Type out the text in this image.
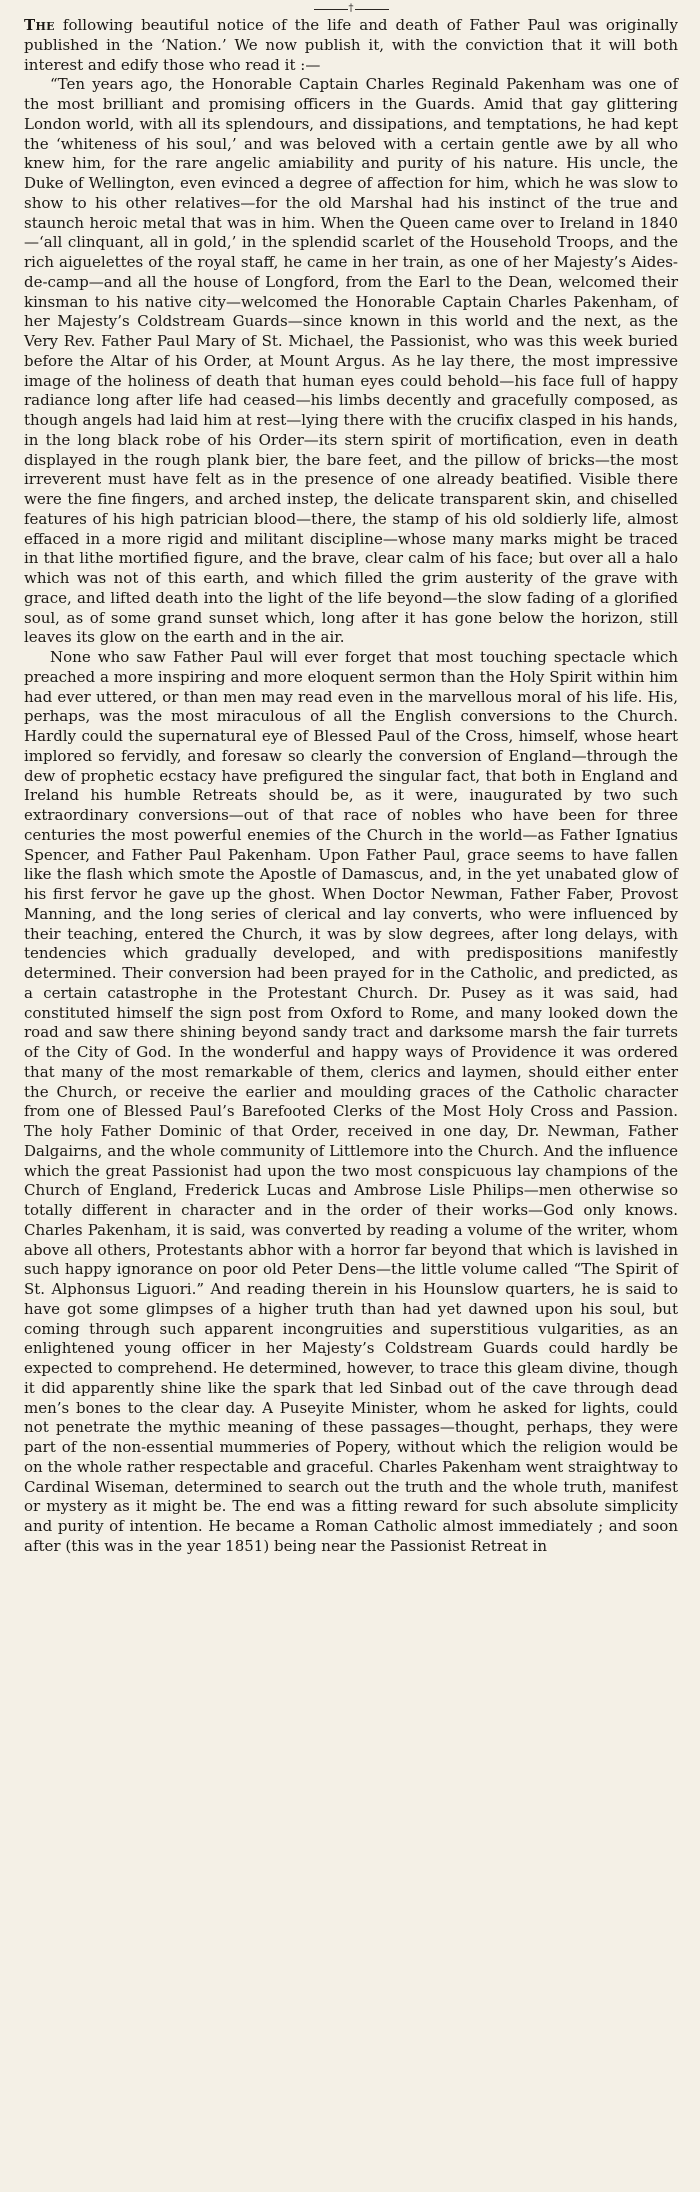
†

The following beautiful notice of the life and death of Father Paul was originally published in the ‘Nation.’ We now publish it, with the conviction that it will both interest and edify those who read it :—

“Ten years ago, the Honorable Captain Charles Reginald Pakenham was one of the most brilliant and promising officers in the Guards. Amid that gay glittering London world, with all its splendours, and dissipations, and temptations, he had kept the ‘whiteness of his soul,’ and was beloved with a certain gentle awe by all who knew him, for the rare angelic amiability and purity of his nature. His uncle, the Duke of Wellington, even evinced a degree of affection for him, which he was slow to show to his other relatives—for the old Marshal had his instinct of the true and staunch heroic metal that was in him. When the Queen came over to Ireland in 1840—‘all clinquant, all in gold,’ in the splendid scarlet of the Household Troops, and the rich aiguelettes of the royal staff, he came in her train, as one of her Majesty’s Aides-de-camp—and all the house of Longford, from the Earl to the Dean, welcomed their kinsman to his native city—welcomed the Honorable Captain Charles Pakenham, of her Majesty’s Coldstream Guards—since known in this world and the next, as the Very Rev. Father Paul Mary of St. Michael, the Passionist, who was this week buried before the Altar of his Order, at Mount Argus. As he lay there, the most impressive image of the holiness of death that human eyes could behold—his face full of happy radiance long after life had ceased—his limbs decently and gracefully composed, as though angels had laid him at rest—lying there with the crucifix clasped in his hands, in the long black robe of his Order—its stern spirit of mortification, even in death displayed in the rough plank bier, the bare feet, and the pillow of bricks—the most irreverent must have felt as in the presence of one already beatified. Visible there were the fine fingers, and arched instep, the delicate transparent skin, and chiselled features of his high patrician blood—there, the stamp of his old soldierly life, almost effaced in a more rigid and militant discipline—whose many marks might be traced in that lithe mortified figure, and the brave, clear calm of his face; but over all a halo which was not of this earth, and which filled the grim austerity of the grave with grace, and lifted death into the light of the life beyond—the slow fading of a glorified soul, as of some grand sunset which, long after it has gone below the horizon, still leaves its glow on the earth and in the air.

None who saw Father Paul will ever forget that most touching spectacle which preached a more inspiring and more eloquent sermon than the Holy Spirit within him had ever uttered, or than men may read even in the marvellous moral of his life. His, perhaps, was the most miraculous of all the English conversions to the Church. Hardly could the supernatural eye of Blessed Paul of the Cross, himself, whose heart implored so fervidly, and foresaw so clearly the conversion of England—through the dew of prophetic ecstacy have prefigured the singular fact, that both in England and Ireland his humble Retreats should be, as it were, inaugurated by two such extraordinary conversions—out of that race of nobles who have been for three centuries the most powerful enemies of the Church in the world—as Father Ignatius Spencer, and Father Paul Pakenham. Upon Father Paul, grace seems to have fallen like the flash which smote the Apostle of Damascus, and, in the yet unabated glow of his first fervor he gave up the ghost. When Doctor Newman, Father Faber, Provost Manning, and the long series of clerical and lay converts, who were influenced by their teaching, entered the Church, it was by slow degrees, after long delays, with tendencies which gradually developed, and with predispositions manifestly determined. Their conversion had been prayed for in the Catholic, and predicted, as a certain catastrophe in the Protestant Church. Dr. Pusey as it was said, had constituted himself the sign post from Oxford to Rome, and many looked down the road and saw there shining beyond sandy tract and darksome marsh the fair turrets of the City of God. In the wonderful and happy ways of Providence it was ordered that many of the most remarkable of them, clerics and laymen, should either enter the Church, or receive the earlier and moulding graces of the Catholic character from one of Blessed Paul’s Barefooted Clerks of the Most Holy Cross and Passion. The holy Father Dominic of that Order, received in one day, Dr. Newman, Father Dalgairns, and the whole community of Littlemore into the Church. And the influence which the great Passionist had upon the two most conspicuous lay champions of the Church of England, Frederick Lucas and Ambrose Lisle Philips—men otherwise so totally different in character and in the order of their works—God only knows. Charles Pakenham, it is said, was converted by reading a volume of the writer, whom above all others, Protestants abhor with a horror far beyond that which is lavished in such happy ignorance on poor old Peter Dens—the little volume called “The Spirit of St. Alphonsus Liguori.” And reading therein in his Hounslow quarters, he is said to have got some glimpses of a higher truth than had yet dawned upon his soul, but coming through such apparent incongruities and superstitious vulgarities, as an enlightened young officer in her Majesty’s Coldstream Guards could hardly be expected to comprehend. He determined, however, to trace this gleam divine, though it did apparently shine like the spark that led Sinbad out of the cave through dead men’s bones to the clear day. A Puseyite Minister, whom he asked for lights, could not penetrate the mythic meaning of these passages—thought, perhaps, they were part of the non-essential mummeries of Popery, without which the religion would be on the whole rather respectable and graceful. Charles Pakenham went straightway to Cardinal Wiseman, determined to search out the truth and the whole truth, manifest or mystery as it might be. The end was a fitting reward for such absolute simplicity and purity of intention. He became a Roman Catholic almost immediately ; and soon after (this was in the year 1851) being near the Passionist Retreat in
